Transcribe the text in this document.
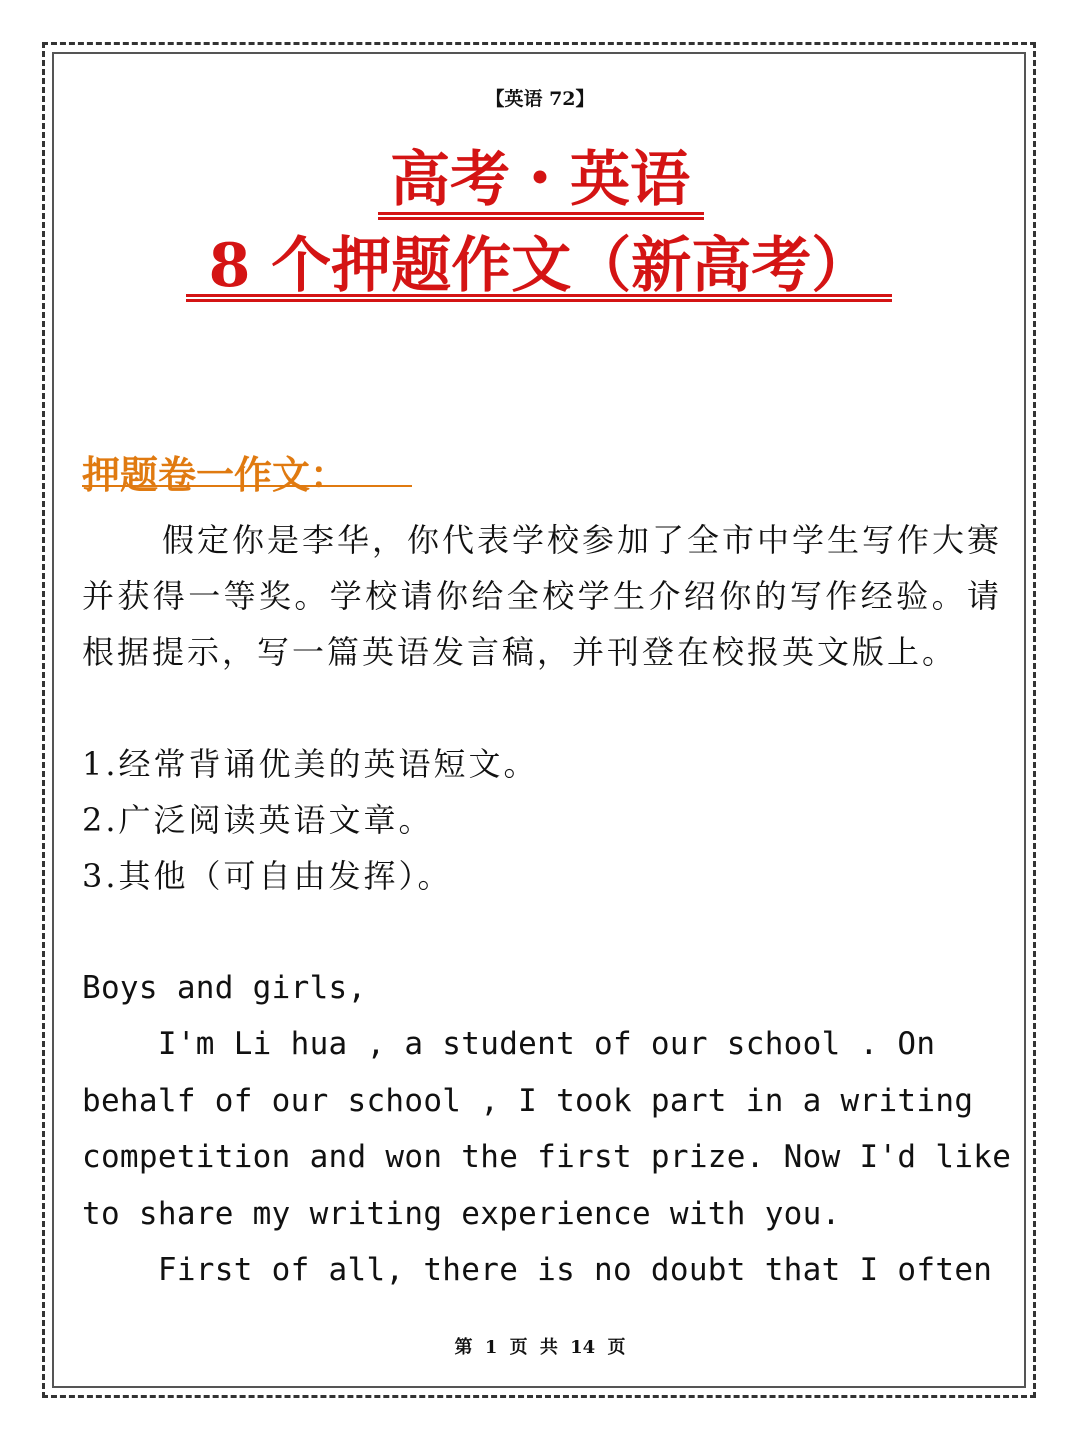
【英语 72】
高考・英语
8 个押题作文（新高考）
押题卷一作文：
假定你是李华，你代表学校参加了全市中学生写作大赛并获得一等奖。学校请你给全校学生介绍你的写作经验。请根据提示，写一篇英语发言稿，并刊登在校报英文版上。
1.经常背诵优美的英语短文。
2.广泛阅读英语文章。
3.其他（可自由发挥）。
Boys and girls,
I'm Li hua , a student of our school . On
behalf of our school , I took part in a writing
competition and won the first prize. Now I'd like
to share my writing experience with you.
First of all, there is no doubt that I often
第 1 页 共 14 页
